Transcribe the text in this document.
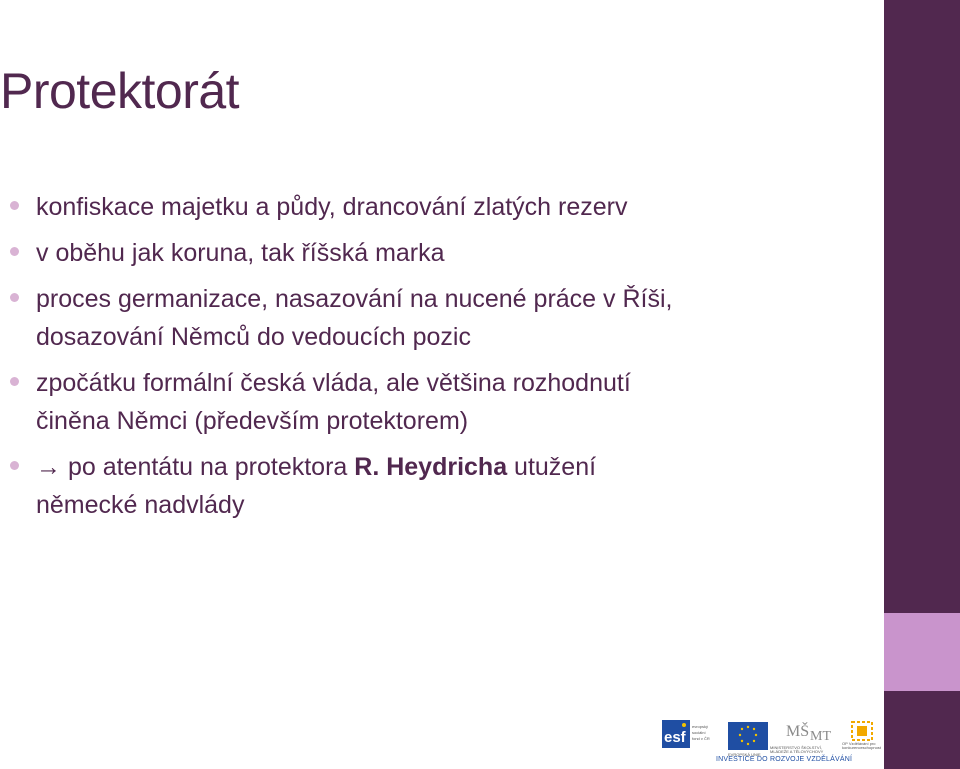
Protektorát
konfiskace majetku a půdy, drancování zlatých rezerv
v oběhu jak koruna, tak říšská marka
proces germanizace, nasazování na nucené práce v Říši,
dosazování Němců do vedoucích pozic
zpočátku formální česká vláda, ale většina rozhodnutí
činěna Němci (především protektorem)
→ po atentátu na protektora R. Heydricha utužení
německé nadvlády
esf
evropský
sociální
fond v ČR
EVROPSKÁ UNIE
MŠ MT
MINISTERSTVO ŠKOLSTVÍ, MLÁDEŽE A TĚLOVÝCHOVY
OP Vzdělávání pro konkurenceschopnost
INVESTICE DO ROZVOJE VZDĚLÁVÁNÍ
